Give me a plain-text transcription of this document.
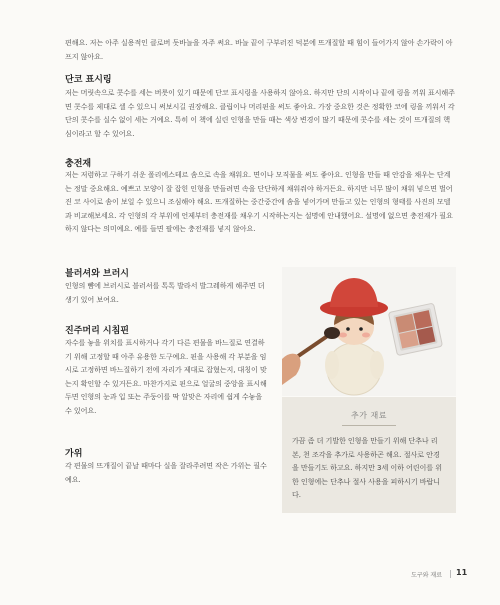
편해요. 저는 아주 실용적인 클로버 돗바늘을 자주 써요. 바늘 끝이 구부러진 덕분에 뜨개질할 때 힘이 들어가지 않아 손가락이 아프지 않아요.

단코 표시링

저는 머릿속으로 콧수를 세는 버릇이 있기 때문에 단코 표시링을 사용하지 않아요. 하지만 단의 시작이나 끝에 링을 끼워 표시해주면 콧수를 제대로 셀 수 있으니 써보시길 권장해요. 클립이나 머리핀을 써도 좋아요. 가장 중요한 것은 정확한 코에 링을 끼워서 각 단의 콧수를 실수 없이 세는 거예요. 특히 이 책에 실린 인형을 만들 때는 색상 변경이 많기 때문에 콧수를 세는 것이 뜨개질의 핵심이라고 할 수 있어요.

충전재

저는 저렴하고 구하기 쉬운 폴리에스테르 솜으로 속을 채워요. 면이나 모직물을 써도 좋아요. 인형을 만들 때 안감을 채우는 단계는 정말 중요해요. 예쁘고 모양이 잘 잡힌 인형을 만들려면 속을 단단하게 채워줘야 하거든요. 하지만 너무 많이 채워 넣으면 벌어진 코 사이로 솜이 보일 수 있으니 조심해야 해요. 뜨개질하는 중간중간에 솜을 넣어가며 만들고 있는 인형의 형태를 사진의 모델과 비교해보세요. 각 인형의 각 부위에 언제부터 충전재를 채우기 시작하는지는 설명에 안내했어요. 설명에 없으면 충전재가 필요하지 않다는 의미예요. 예를 들면 팔에는 충전재를 넣지 않아요.

블러셔와 브러시

인형의 뺨에 브러시로 블러셔를 톡톡 발라서 발그레하게 해주면 더 생기 있어 보여요.

진주머리 시침핀

자수를 놓을 위치를 표시하거나 각기 다른 편물을 바느질로 연결하기 위해 고정할 때 아주 유용한 도구예요. 핀을 사용해 각 부분을 임시로 고정하면 바느질하기 전에 자리가 제대로 잡혔는지, 대칭이 맞는지 확인할 수 있거든요. 마찬가지로 핀으로 얼굴의 중앙을 표시해두면 인형의 눈과 입 또는 주둥이를 딱 알맞은 자리에 쉽게 수놓을 수 있어요.

가위

각 편물의 뜨개질이 끝날 때마다 실을 잘라주려면 작은 가위는 필수예요.

추가 재료

가끔 좀 더 기발한 인형을 만들기 위해 단추나 리본, 천 조각을 추가로 사용하곤 해요. 절사로 안경을 만들기도 하고요. 하지만 3세 이하 어린이를 위한 인형에는 단추나 절사 사용을 피하시기 바랍니다.

도구와 재료 11
